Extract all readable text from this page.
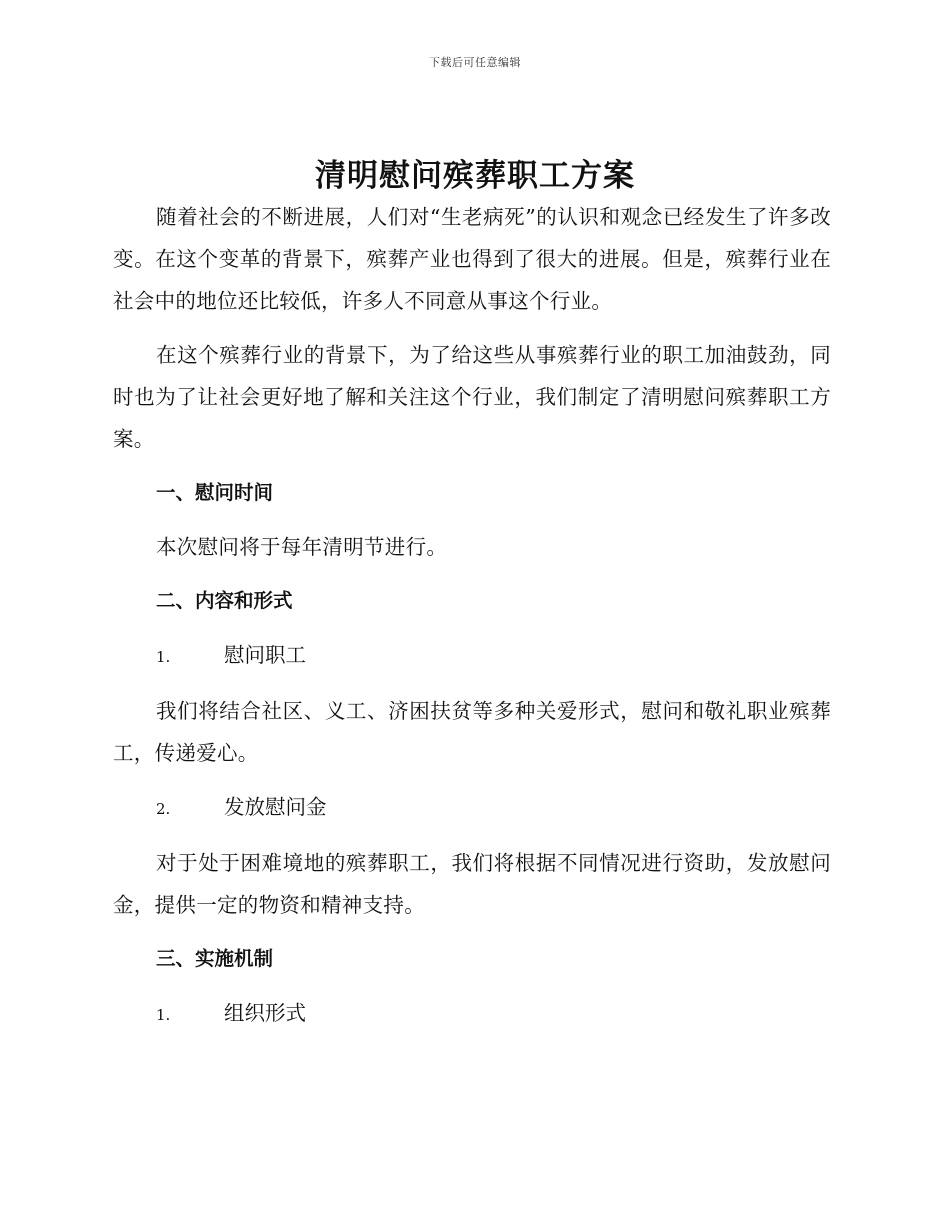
下载后可任意编辑
清明慰问殡葬职工方案

随着社会的不断进展，人们对“生老病死”的认识和观念已经发生了许多改变。在这个变革的背景下，殡葬产业也得到了很大的进展。但是，殡葬行业在社会中的地位还比较低，许多人不同意从事这个行业。

在这个殡葬行业的背景下，为了给这些从事殡葬行业的职工加油鼓劲，同时也为了让社会更好地了解和关注这个行业，我们制定了清明慰问殡葬职工方案。

一、慰问时间

本次慰问将于每年清明节进行。

二、内容和形式
1.	慰问职工

我们将结合社区、义工、济困扶贫等多种关爱形式，慰问和敬礼职业殡葬工，传递爱心。

2.	发放慰问金

对于处于困难境地的殡葬职工，我们将根据不同情况进行资助，发放慰问金，提供一定的物资和精神支持。

三、实施机制
1.	组织形式
